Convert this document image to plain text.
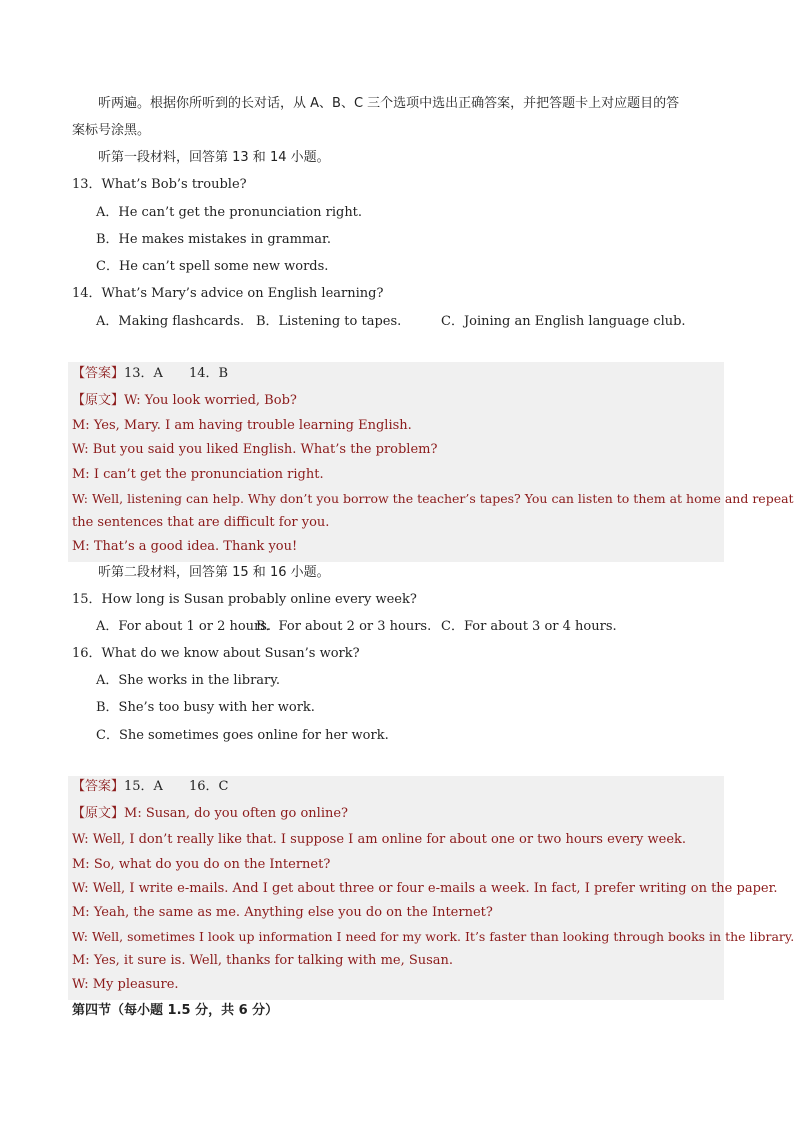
听两遍。根据你所听到的长对话，从 A、B、C 三个选项中选出正确答案，并把答题卡上对应题目的答
案标号涂黑。
听第一段材料，回答第 13 和 14 小题。
13．What’s Bob’s trouble?
A．He can’t get the pronunciation right.
B．He makes mistakes in grammar.
C．He can’t spell some new words.
14．What’s Mary’s advice on English learning?
A．Making flashcards. B．Listening to tapes.	C．Joining an English language club.
【答案】13．A　　14．B
【原文】W: You look worried, Bob?
M: Yes, Mary. I am having trouble learning English.
W: But you said you liked English. What’s the problem?
M: I can’t get the pronunciation right.
W: Well, listening can help. Why don’t you borrow the teacher’s tapes? You can listen to them at home and repeat
the sentences that are difficult for you.
M: That’s a good idea. Thank you!
听第二段材料，回答第 15 和 16 小题。
15．How long is Susan probably online every week?
A．For about 1 or 2 hours.
B．For about 2 or 3 hours. C．For about 3 or 4 hours.
16．What do we know about Susan’s work?
A．She works in the library.
B．She’s too busy with her work.
C．She sometimes goes online for her work.
【答案】15．A　　16．C
【原文】M: Susan, do you often go online?
W: Well, I don’t really like that. I suppose I am online for about one or two hours every week.
M: So, what do you do on the Internet?
W: Well, I write e-mails. And I get about three or four e-mails a week. In fact, I prefer writing on the paper.
M: Yeah, the same as me. Anything else you do on the Internet?
W: Well, sometimes I look up information I need for my work. It’s faster than looking through books in the library.
M: Yes, it sure is. Well, thanks for talking with me, Susan.
W: My pleasure.
第四节（每小题 1.5 分，共 6 分）
